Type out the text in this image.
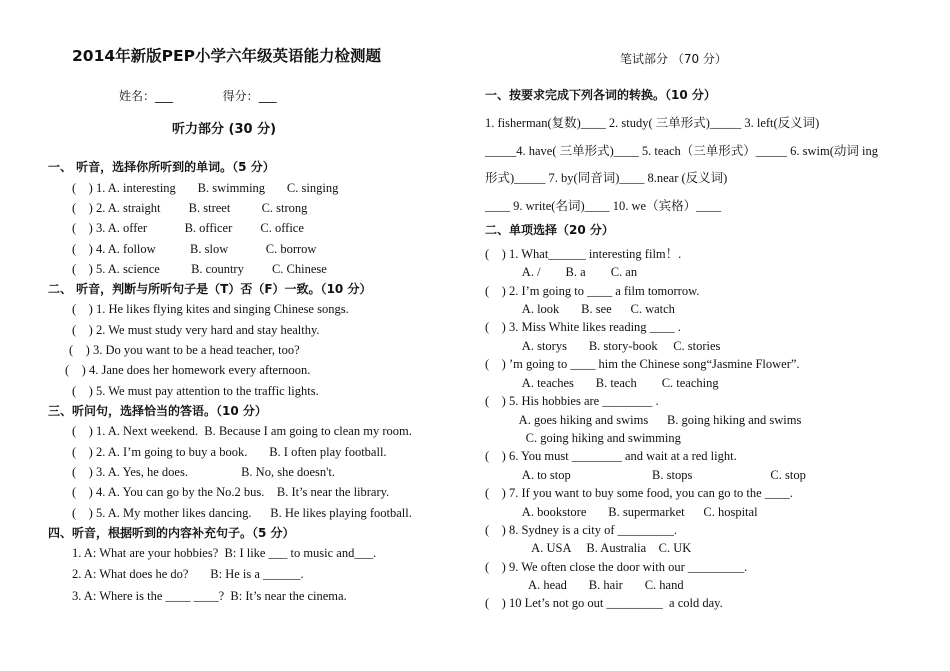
2014年新版PEP小学六年级英语能力检测题
姓名：___             得分：___
听力部分 (30 分)
一、 听音，选择你所听到的单词。（5 分）
(    ) 1. A. interesting       B. swimming       C. singing
(    ) 2. A. straight         B. street          C. strong
(    ) 3. A. offer            B. officer         C. office
(    ) 4. A. follow           B. slow            C. borrow
(    ) 5. A. science          B. country         C. Chinese
二、 听音，判断与所听句子是（T）否（F）一致。（10 分）
(    ) 1. He likes flying kites and singing Chinese songs.
(    ) 2. We must study very hard and stay healthy.
(    ) 3. Do you want to be a head teacher, too?
(    ) 4. Jane does her homework every afternoon.
(    ) 5. We must pay attention to the traffic lights.
三、听问句，选择恰当的答语。（10 分）
(    ) 1. A. Next weekend.  B. Because I am going to clean my room.
(    ) 2. A. I’m going to buy a book.       B. I often play football.
(    ) 3. A. Yes, he does.                 B. No, she doesn't.
(    ) 4. A. You can go by the No.2 bus.    B. It’s near the library.
(    ) 5. A. My mother likes dancing.      B. He likes playing football.
四、听音，根据听到的内容补充句子。（5 分）
1. A: What are your hobbies?  B: I like ___ to music and___.
2. A: What does he do?       B: He is a ______.
3. A: Where is the ____ ____?  B: It’s near the cinema.
笔试部分 （70 分）
一、按要求完成下列各词的转换。（10 分）
1. fisherman(复数)____ 2. study( 三单形式)_____ 3. left(反义词)
_____4. have( 三单形式)____ 5. teach（三单形式）_____ 6. swim(动词 ing
形式)_____ 7. by(同音词)____ 8.near (反义词)
____ 9. write(名词)____ 10. we（宾格）____
二、单项选择（20 分）
(    ) 1. What______ interesting film！.
A. /        B. a        C. an
(    ) 2. I’m going to ____ a film tomorrow.
A. look       B. see      C. watch
(    ) 3. Miss White likes reading ____ .
A. storys       B. story-book     C. stories
(    ) ’m going to ____ him the Chinese song“Jasmine Flower”.
A. teaches       B. teach        C. teaching
(    ) 5. His hobbies are ________ .
A. goes hiking and swims      B. going hiking and swims
C. going hiking and swimming
(    ) 6. You must ________ and wait at a red light.
A. to stop                          B. stops                         C. stop
(    ) 7. If you want to buy some food, you can go to the ____.
A. bookstore       B. supermarket      C. hospital
(    ) 8. Sydney is a city of _________.
A. USA     B. Australia    C. UK
(    ) 9. We often close the door with our _________.
A. head       B. hair       C. hand
(    ) 10 Let’s not go out _________  a cold day.
